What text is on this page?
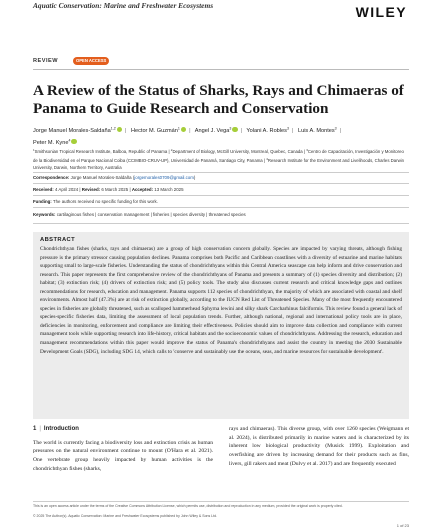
Aquatic Conservation: Marine and Freshwater Ecosystems	WILEY
REVIEW	OPEN ACCESS
A Review of the Status of Sharks, Rays and Chimaeras of Panama to Guide Research and Conservation
Jorge Manuel Morales-Saldaña$^{1,2}$ | Hector M. Guzmán$^1$ | Angel J. Vega$^3$ | Yolani A. Robles$^3$ | Luis A. Montes$^3$ |
Peter M. Kyne$^4$
$^1$Smithsonian Tropical Research Institute, Balboa, Republic of Panama | $^2$Department of Biology, McGill University, Montreal, Quebec, Canada | $^3$Centro de Capacitación, Investigación y Monitoreo de la Biodiversidad en el Parque Nacional Coiba (CCIMBIO-CRUV-UP), Universidad de Panamá, Santiago City, Panama | $^4$Research Institute for the Environment and Livelihoods, Charles Darwin University, Darwin, Northern Territory, Australia
Correspondence: Jorge Manuel Morales-Saldaña (jorgemorales0709@gmail.com)
Received: 4 April 2024 | Revised: 6 March 2025 | Accepted: 13 March 2025
Funding: The authors received no specific funding for this work.
Keywords: cartilaginous fishes | conservation management | fisheries | species diversity | threatened species
ABSTRACT

Chondrichthyan fishes (sharks, rays and chimaeras) are a group of high conservation concern globally. Species are impacted by varying threats, although fishing pressure is the primary stressor causing population declines. Panama comprises both Pacific and Caribbean coastlines with a diversity of estuarine and marine habitats supporting small to large-scale fisheries. Understanding the status of chondrichthyans within this Central America seascape can help inform and drive conservation and research. This paper represents the first comprehensive review of the chondrichthyans of Panama and presents a summary of (1) species diversity and distribution; (2) habitat; (3) extinction risk; (4) drivers of extinction risk; and (5) policy tools. The study also discusses current research and critical knowledge gaps and outlines recommendations for research, education and management. Panama supports 112 species of chondrichthyan, the majority of which are associated with coastal and shelf environments. Almost half (47.3%) are at risk of extinction globally, according to the IUCN Red List of Threatened Species. Many of the most frequently encountered species in fisheries are globally threatened, such as scalloped hammerhead Sphyrna lewini and silky shark Carcharhinus falciformis. This review found a general lack of species-specific fisheries data, limiting the assessment of local population trends. Further, although national, regional and international policy tools are in place, deficiencies in monitoring, enforcement and compliance are limiting their effectiveness. Policies should aim to improve data collection and compliance with current management tools while supporting research into life-history, critical habitats and the socioeconomic values of chondrichthyans. Addressing the research, education and management recommendations within this paper would improve the status of Panama's chondrichthyans and assist the country in meeting the 2030 Sustainable Development Goals (SDG), including SDG 14, which calls to 'conserve and sustainably use the oceans, seas, and marine resources for sustainable development'.

1 | Introduction

The world is currently facing a biodiversity loss and extinction crisis as human pressures on the natural environment continue to mount (O'Hara et al. 2021). One vertebrate group heavily impacted by human activities is the chondrichthyan fishes (sharks,

rays and chimaeras). This diverse group, with over 1260 species (Weigmann et al. 2024), is distributed primarily in marine waters and is characterized by its inherent low biological productivity (Musick 1999). Exploitation and overfishing are driven by increasing demand for their products such as fins, livers, gill rakers and meat (Dulvy et al. 2017) and are frequently executed

This is an open access article under the terms of the Creative Commons Attribution License, which permits use, distribution and reproduction in any medium, provided the original work is properly cited.
© 2025 The Author(s). Aquatic Conservation: Marine and Freshwater Ecosystems published by John Wiley & Sons Ltd.
1 of 23
